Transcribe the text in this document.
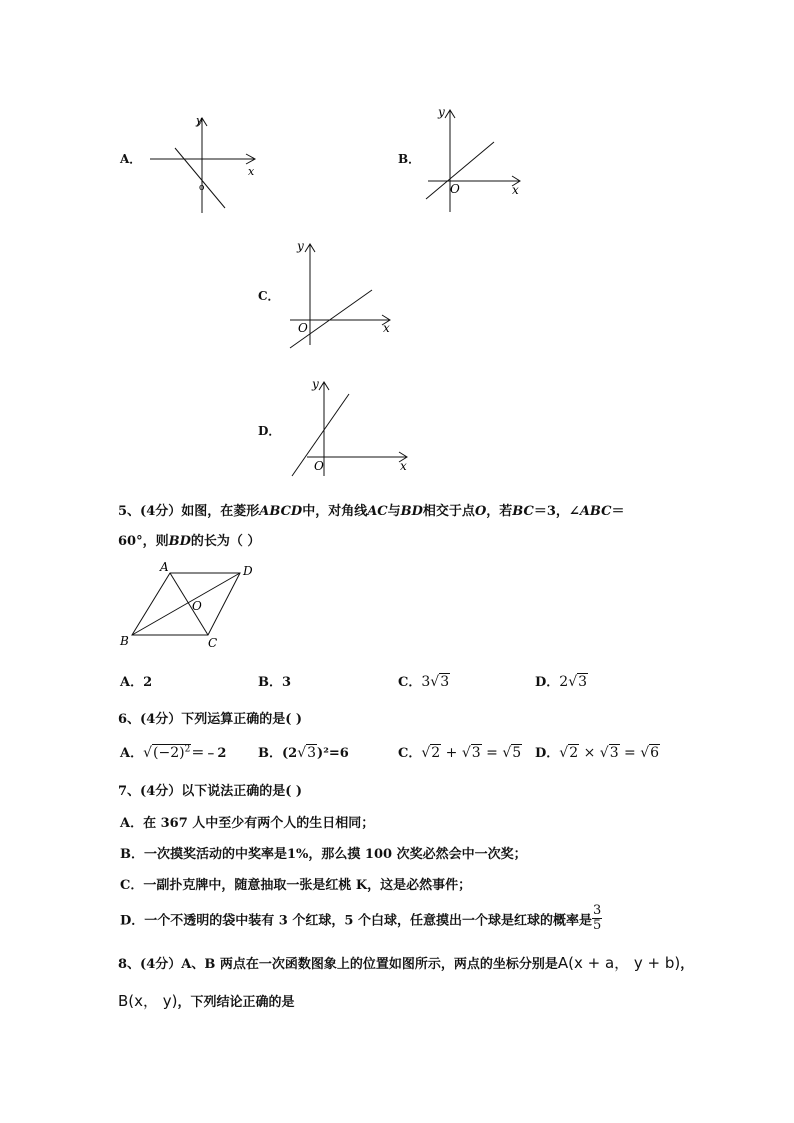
A．
y
x
o
B．
y
x
O
C．
y
x
O
D．
y
x
O
5、(4分）如图，在菱形ABCD中，对角线AC与BD相交于点O，若BC＝3，∠ABC＝
60°，则BD的长为（ ）
A	D
B	C
O
A．2	B．3	C．3√3	D．2√3
6、(4分）下列运算正确的是( )
A．$√(-2)^2=﹣2$ B．(2√3)²=6	C．√2 + √3 = √5 D．√2 × √3 = √6
7、(4分）以下说法正确的是( )
A．在 367 人中至少有两个人的生日相同；
B．一次摸奖活动的中奖率是1%，那么摸 100 次奖必然会中一次奖；
C．一副扑克牌中，随意抽取一张是红桃 K，这是必然事件；
D．一个不透明的袋中装有 3 个红球，5 个白球，任意摸出一个球是红球的概率是 $\frac{3}{5}$
8、(4分）A、B 两点在一次函数图象上的位置如图所示，两点的坐标分别是A(x + a， y + b)，
B(x， y)，下列结论正确的是
